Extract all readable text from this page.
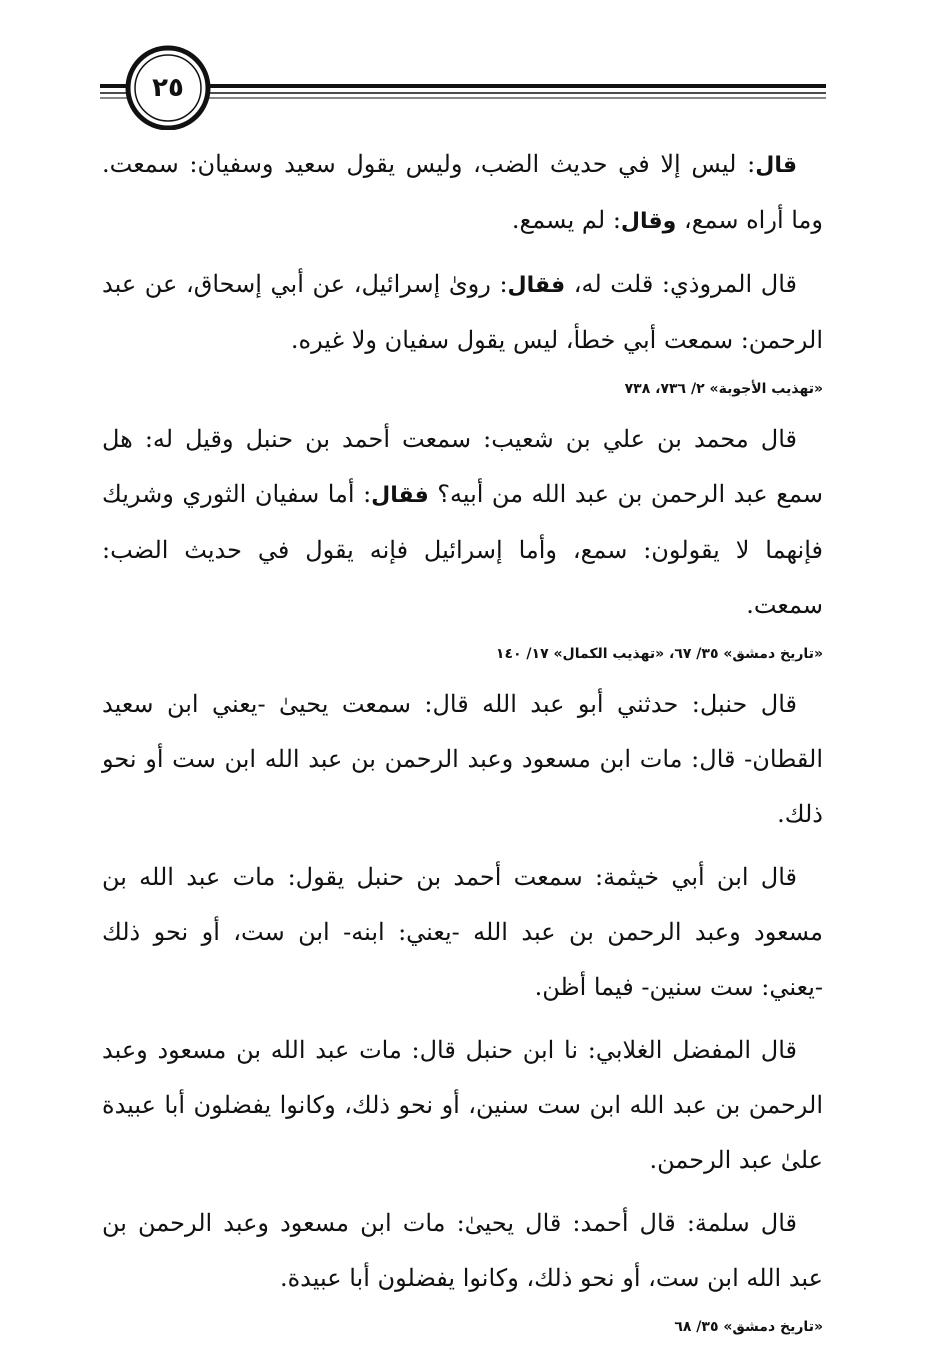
٢٥

قال: ليس إلا في حديث الضب، وليس يقول سعيد وسفيان: سمعت. وما أراه سمع، وقال: لم يسمع.

قال المروذي: قلت له، فقال: روىٰ إسرائيل، عن أبي إسحاق، عن عبد الرحمن: سمعت أبي خطأ، ليس يقول سفيان ولا غيره.

«تهذيب الأجوبة» ٢/ ٧٣٦، ٧٣٨

قال محمد بن علي بن شعيب: سمعت أحمد بن حنبل وقيل له: هل سمع عبد الرحمن بن عبد الله من أبيه؟ فقال: أما سفيان الثوري وشريك فإنهما لا يقولون: سمع، وأما إسرائيل فإنه يقول في حديث الضب: سمعت.

«تاريخ دمشق» ٣٥/ ٦٧، «تهذيب الكمال» ١٧/ ١٤٠

قال حنبل: حدثني أبو عبد الله قال: سمعت يحيىٰ -يعني ابن سعيد القطان- قال: مات ابن مسعود وعبد الرحمن بن عبد الله ابن ست أو نحو ذلك.

قال ابن أبي خيثمة: سمعت أحمد بن حنبل يقول: مات عبد الله بن مسعود وعبد الرحمن بن عبد الله -يعني: ابنه- ابن ست، أو نحو ذلك -يعني: ست سنين- فيما أظن.

قال المفضل الغلابي: نا ابن حنبل قال: مات عبد الله بن مسعود وعبد الرحمن بن عبد الله ابن ست سنين، أو نحو ذلك، وكانوا يفضلون أبا عبيدة علىٰ عبد الرحمن.

قال سلمة: قال أحمد: قال يحيىٰ: مات ابن مسعود وعبد الرحمن بن عبد الله ابن ست، أو نحو ذلك، وكانوا يفضلون أبا عبيدة.

«تاريخ دمشق» ٣٥/ ٦٨
